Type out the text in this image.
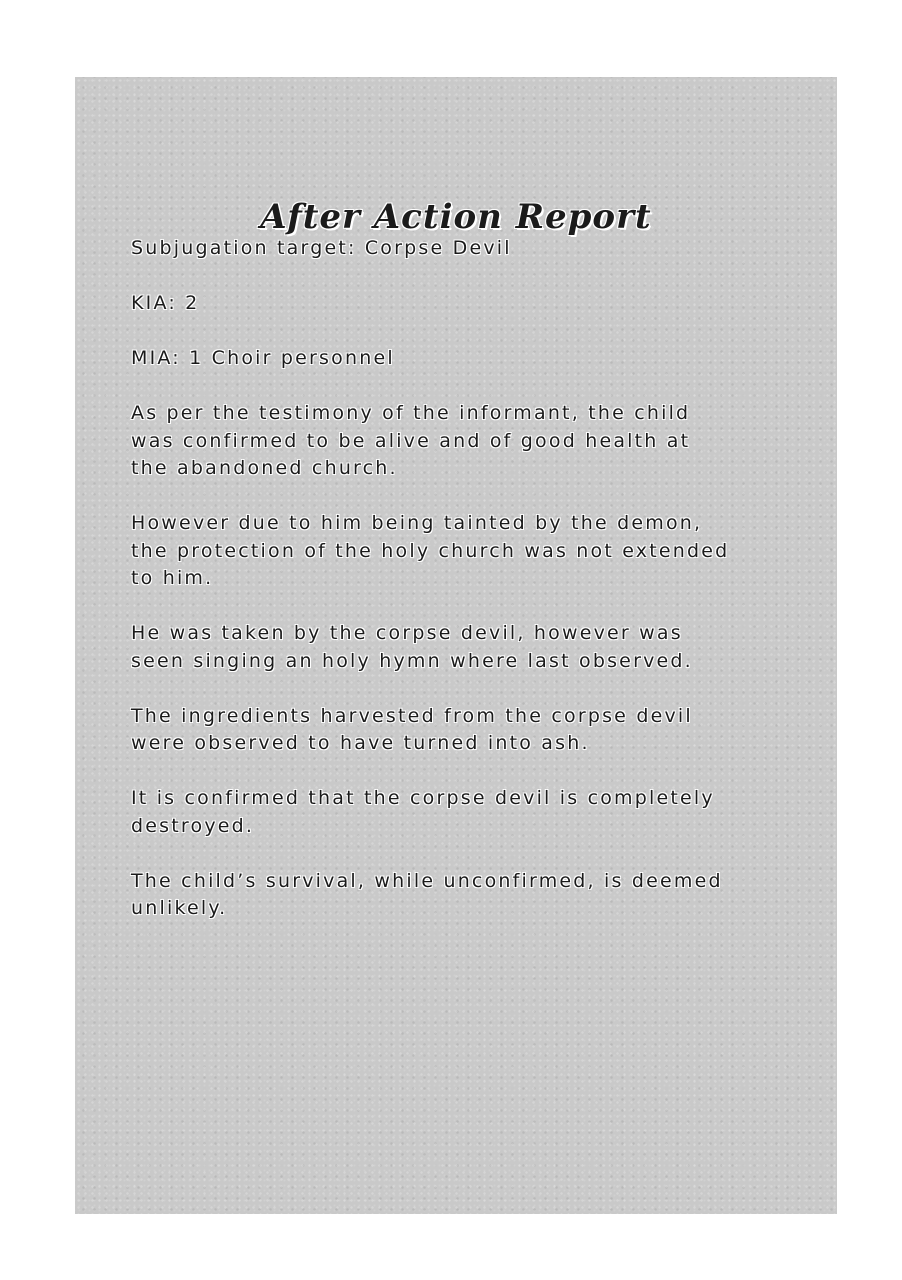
After Action Report

Subjugation target: Corpse Devil

KIA: 2

MIA: 1 Choir personnel

As per the testimony of the informant, the child
was confirmed to be alive and of good health at
the abandoned church.

However due to him being tainted by the demon,
the protection of the holy church was not extended
to him.

He was taken by the corpse devil, however was
seen singing an holy hymn where last observed.

The ingredients harvested from the corpse devil
were observed to have turned into ash.

It is confirmed that the corpse devil is completely
destroyed.

The child’s survival, while unconfirmed, is deemed
unlikely.
